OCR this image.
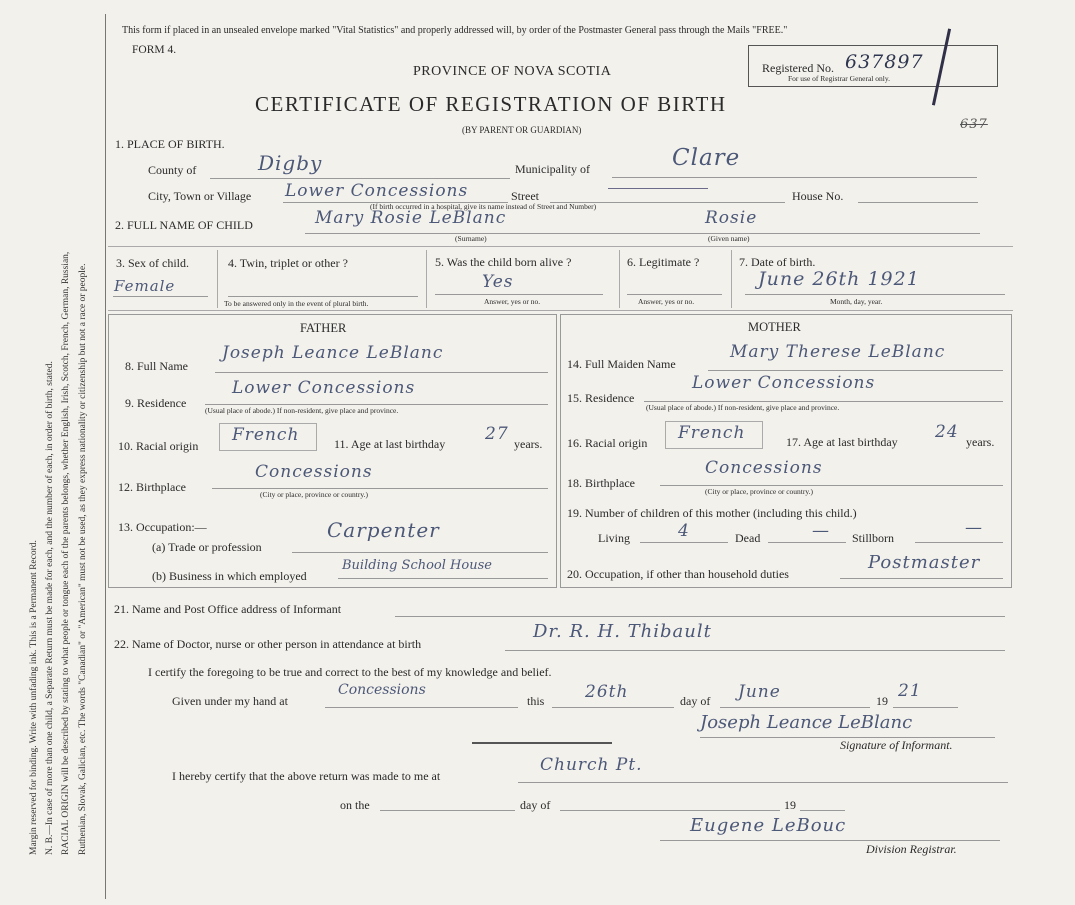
Margin reserved for binding. Write with unfading ink. This is a Permanent Record. N. B.—In case of more than one child, a Separate Return must be made for each, and the number of each, in order of birth, stated. RACIAL ORIGIN will be described by stating to what people or tongue each of the parents belongs, whether English, Irish, Scotch, French, German, Russian, Ruthenian, Slovak, Galician, etc. The words "Canadian" or "American" must not be used, as they express nationality or citizenship but not a race or people.
This form if placed in an unsealed envelope marked "Vital Statistics" and properly addressed will, by order of the Postmaster General pass through the Mails "FREE."
FORM 4.
PROVINCE OF NOVA SCOTIA
CERTIFICATE OF REGISTRATION OF BIRTH
(BY PARENT OR GUARDIAN)
Registered No. 637897
For use of Registrar General only.
637
1. PLACE OF BIRTH.
County of	Digby	Municipality of	Clare
City, Town or Village Lower Concessions	Street	House No.
(If birth occurred in a hospital, give its name instead of Street and Number)
2. FULL NAME OF CHILD	Mary Rosie LeBlanc	Rosie
(Surname)	(Given name)
3. Sex of child.
Female
4. Twin, triplet or other ?
To be answered only in the event of plural birth.
5. Was the child born alive ?
Yes
Answer, yes or no.
6. Legitimate ?
Answer, yes or no.
7. Date of birth.
June 26th 1921
Month, day, year.
FATHER	MOTHER
8. Full Name
Joseph Leance LeBlanc
9. Residence
Lower Concessions
(Usual place of abode.) If non-resident, give place and province.
10. Racial origin
French	11. Age at last birthday 27 years.
12. Birthplace
Concessions
(City or place, province or country.)
13. Occupation:—
(a) Trade or profession
Carpenter
(b) Business in which employed
Building School House
14. Full Maiden Name
Mary Therese LeBlanc
15. Residence
Lower Concessions
(Usual place of abode.) If non-resident, give place and province.
16. Racial origin French	17. Age at last birthday 24 years.
18. Birthplace
Concessions
(City or place, province or country.)
19. Number of children of this mother (including this child.)
Living	4	Dead	— Stillborn	—
20. Occupation, if other than household duties
Postmaster
21. Name and Post Office address of Informant
22. Name of Doctor, nurse or other person in attendance at birth
Dr. R. H. Thibault
I certify the foregoing to be true and correct to the best of my knowledge and belief.
Given under my hand at
Concessions
this 26th	day of June	19 21
Joseph Leance LeBlanc
Signature of Informant.
I hereby certify that the above return was made to me at
Church Pt.
on the	day of	19
Eugene LeBouc
Division Registrar.
